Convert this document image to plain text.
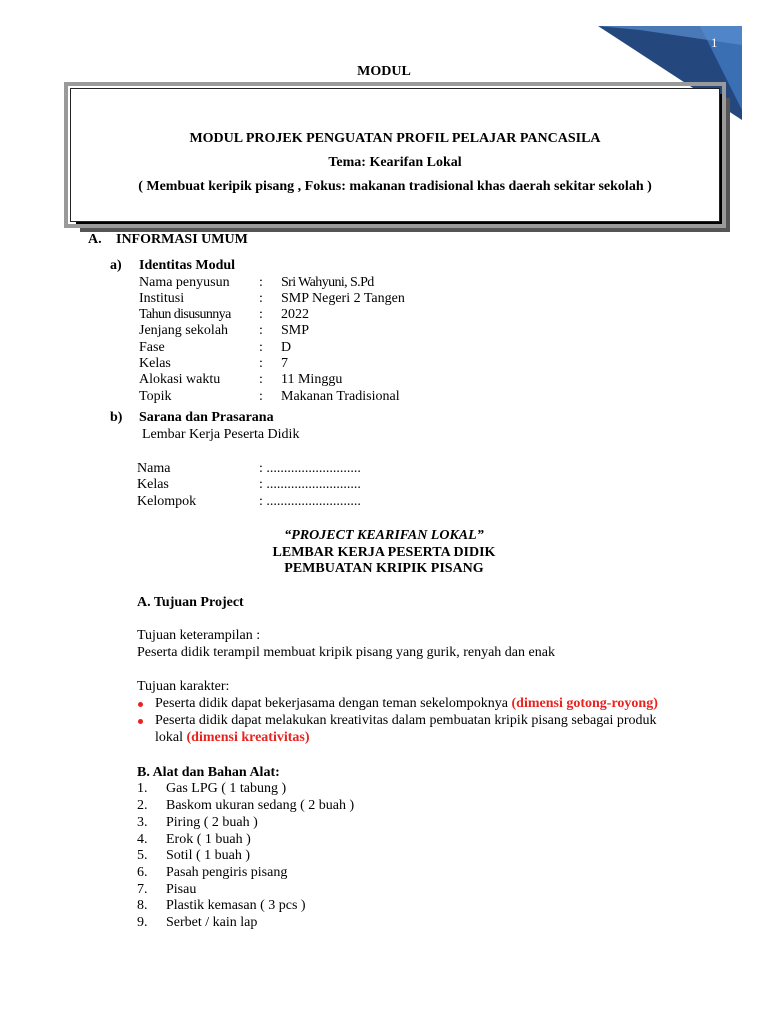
1
MODUL
MODUL PROJEK PENGUATAN PROFIL PELAJAR PANCASILA
Tema: Kearifan Lokal
( Membuat keripik pisang , Fokus: makanan tradisional khas daerah sekitar sekolah )
A. INFORMASI UMUM
a) Identitas Modul
Nama penyusun : Sri Wahyuni, S.Pd
Institusi	: SMP Negeri 2 Tangen
Tahun disusunnya : 2022
Jenjang sekolah : SMP
Fase	: D
Kelas	: 7
Alokasi waktu	: 11 Minggu
Topik	: Makanan Tradisional
b) Sarana dan Prasarana
Lembar Kerja Peserta Didik
Nama	: ...........................
Kelas	: ...........................
Kelompok	: ...........................
“PROJECT KEARIFAN LOKAL”
LEMBAR KERJA PESERTA DIDIK
PEMBUATAN KRIPIK PISANG
A. Tujuan Project
Tujuan keterampilan :
Peserta didik terampil membuat kripik pisang yang gurik, renyah dan enak
Tujuan karakter:
Peserta didik dapat bekerjasama dengan teman sekelompoknya (dimensi gotong-royong)
Peserta didik dapat melakukan kreativitas dalam pembuatan kripik pisang sebagai produk
lokal (dimensi kreativitas)
B. Alat dan Bahan Alat:
1. Gas LPG ( 1 tabung )
2. Baskom ukuran sedang ( 2 buah )
3. Piring ( 2 buah )
4. Erok ( 1 buah )
5. Sotil ( 1 buah )
6. Pasah pengiris pisang
7. Pisau
8. Plastik kemasan ( 3 pcs )
9. Serbet / kain lap
